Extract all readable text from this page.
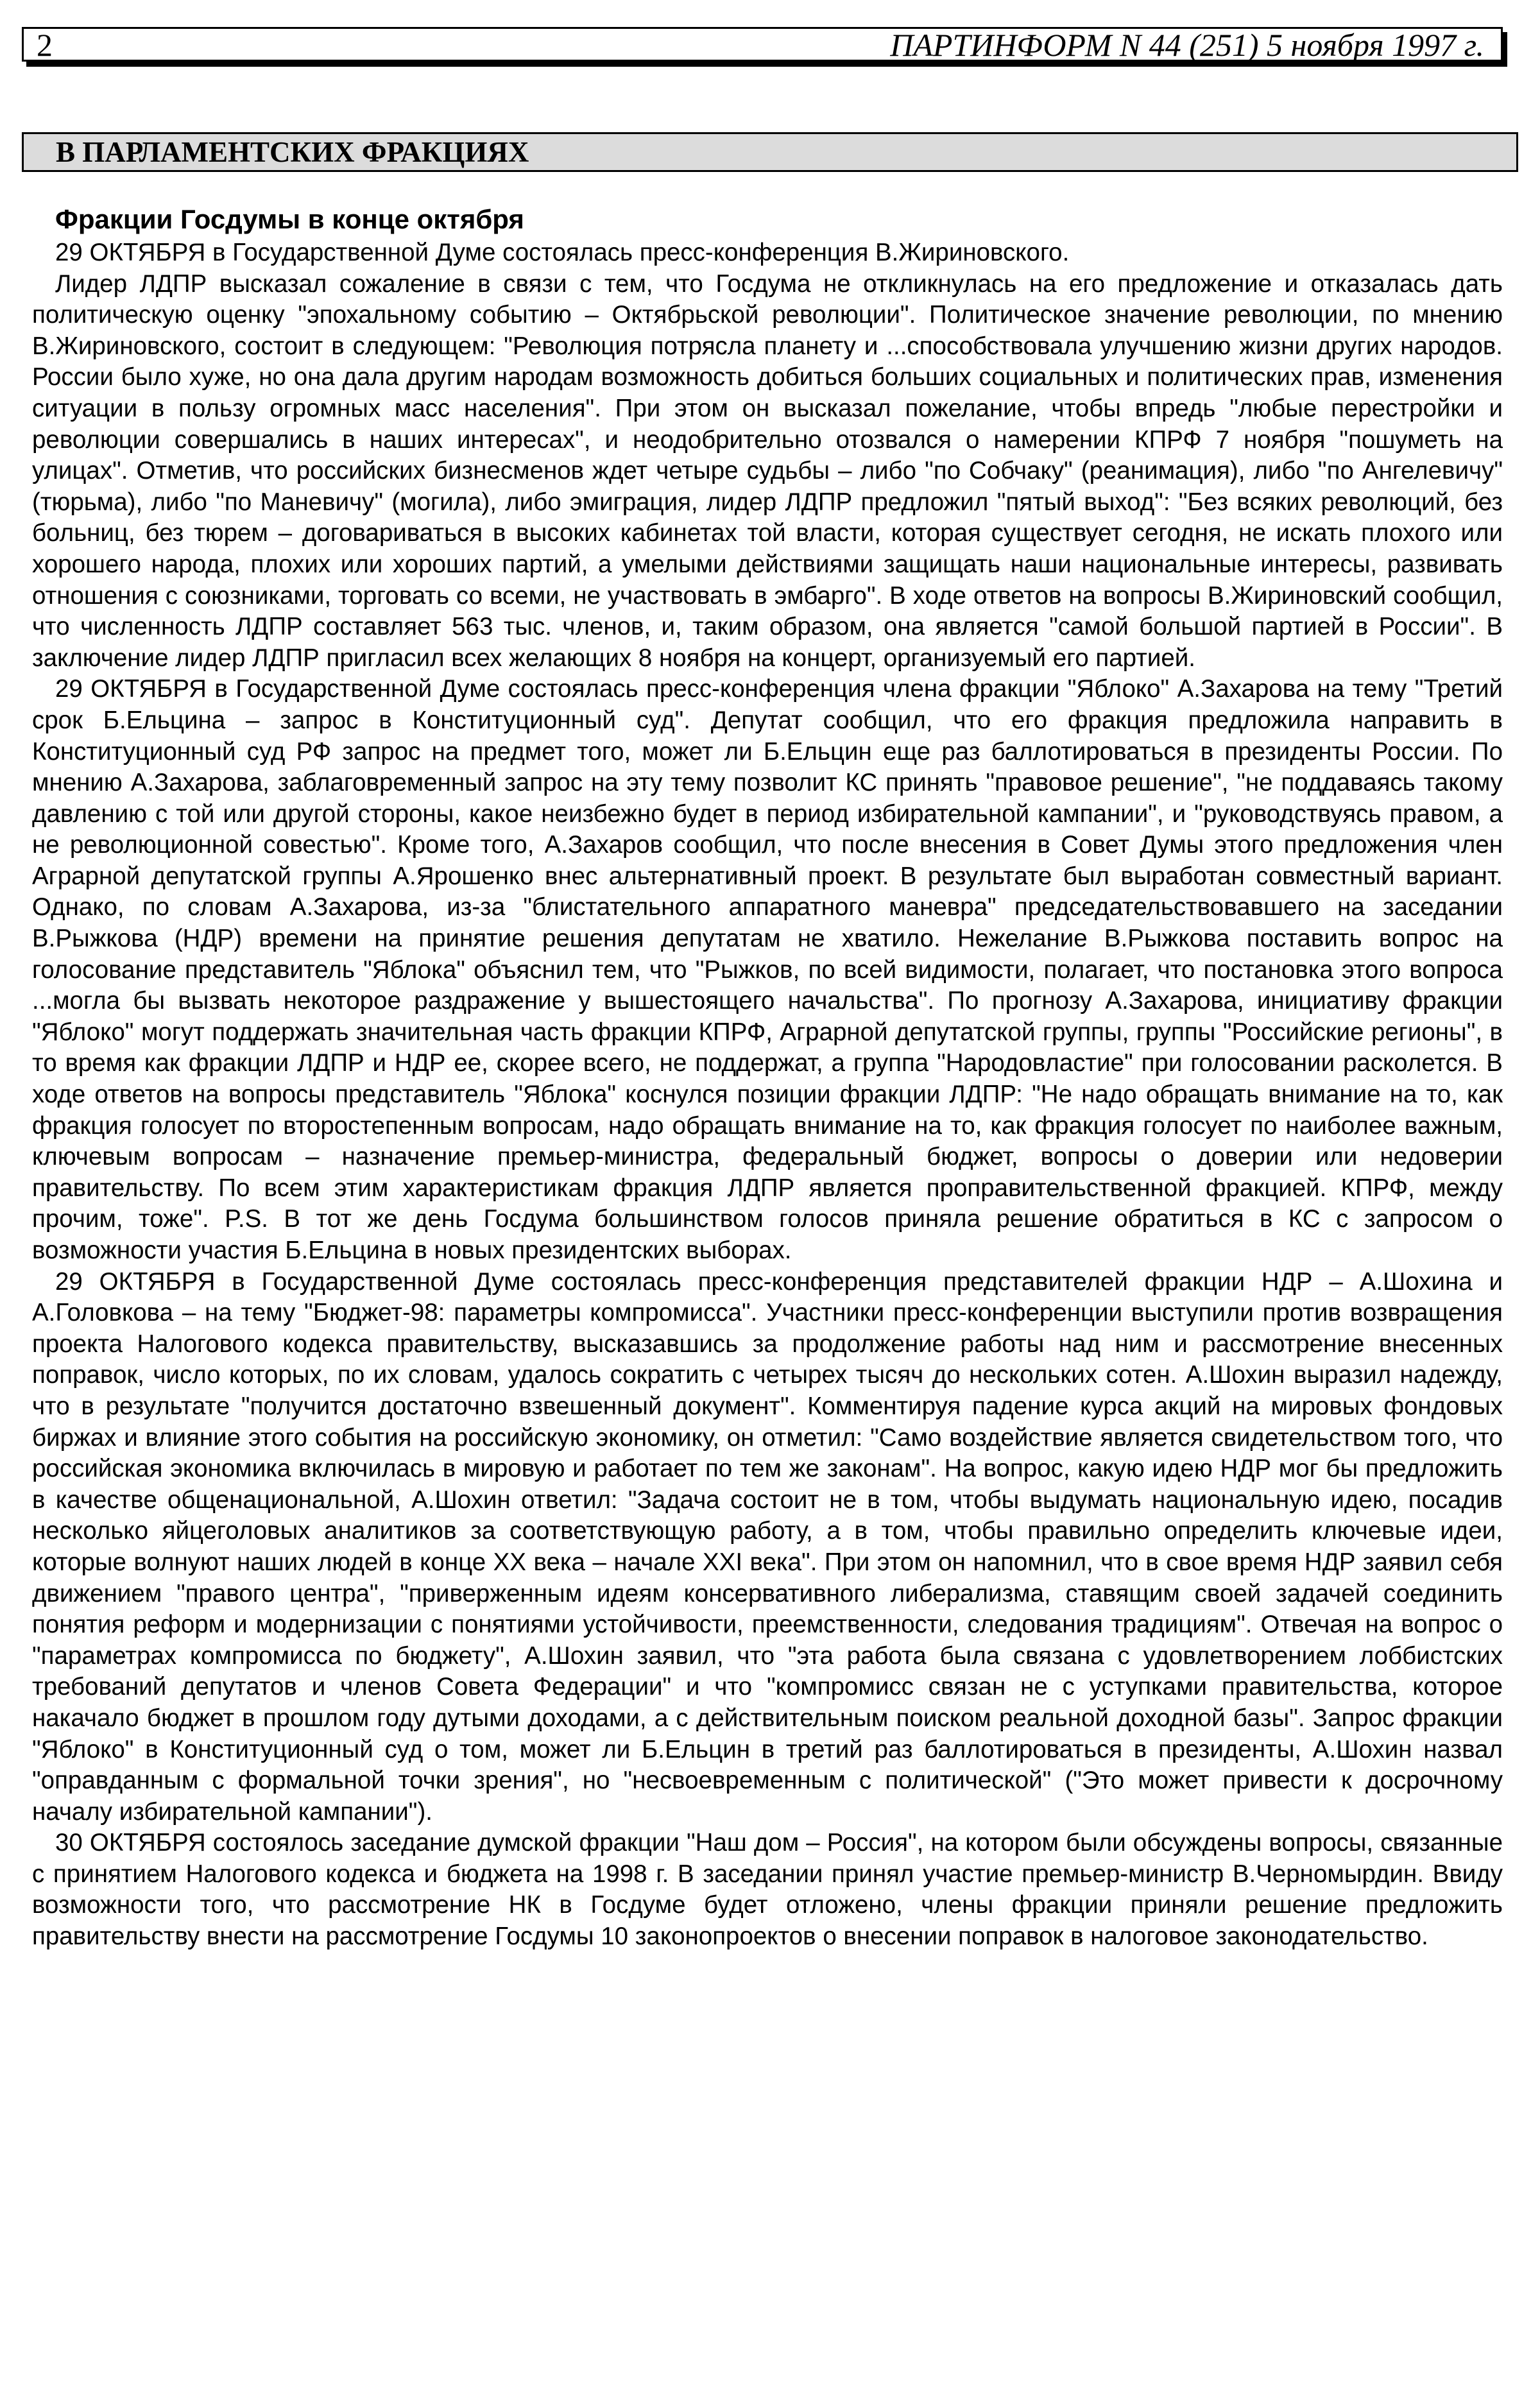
2	ПАРТИНФОРМ N 44 (251) 5 ноября 1997 г.
В ПАРЛАМЕНТСКИХ ФРАКЦИЯХ
Фракции Госдумы в конце октября

29 ОКТЯБРЯ в Государственной Думе состоялась пресс-конференция В.Жириновского.

Лидер ЛДПР высказал сожаление в связи с тем, что Госдума не откликнулась на его предложение и отказалась дать политическую оценку "эпохальному событию – Октябрьской революции". Политическое значение революции, по мнению В.Жириновского, состоит в следующем: "Революция потрясла планету и ...способствовала улучшению жизни других народов. России было хуже, но она дала другим народам возможность добиться больших социальных и политических прав, изменения ситуации в пользу огромных масс населения". При этом он высказал пожелание, чтобы впредь "любые перестройки и революции совершались в наших интересах", и неодобрительно отозвался о намерении КПРФ 7 ноября "пошуметь на улицах". Отметив, что российских бизнесменов ждет четыре судьбы – либо "по Собчаку" (реанимация), либо "по Ангелевичу" (тюрьма), либо "по Маневичу" (могила), либо эмиграция, лидер ЛДПР предложил "пятый выход": "Без всяких революций, без больниц, без тюрем – договариваться в высоких кабинетах той власти, которая существует сегодня, не искать плохого или хорошего народа, плохих или хороших партий, а умелыми действиями защищать наши национальные интересы, развивать отношения с союзниками, торговать со всеми, не участвовать в эмбарго". В ходе ответов на вопросы В.Жириновский сообщил, что численность ЛДПР составляет 563 тыс. членов, и, таким образом, она является "самой большой партией в России". В заключение лидер ЛДПР пригласил всех желающих 8 ноября на концерт, организуемый его партией.

29 ОКТЯБРЯ в Государственной Думе состоялась пресс-конференция члена фракции "Яблоко" А.Захарова на тему "Третий срок Б.Ельцина – запрос в Конституционный суд". Депутат сообщил, что его фракция предложила направить в Конституционный суд РФ запрос на предмет того, может ли Б.Ельцин еще раз баллотироваться в президенты России. По мнению А.Захарова, заблаговременный запрос на эту тему позволит КС принять "правовое решение", "не поддаваясь такому давлению с той или другой стороны, какое неизбежно будет в период избирательной кампании", и "руководствуясь правом, а не революционной совестью". Кроме того, А.Захаров сообщил, что после внесения в Совет Думы этого предложения член Аграрной депутатской группы А.Ярошенко внес альтернативный проект. В результате был выработан совместный вариант. Однако, по словам А.Захарова, из-за "блистательного аппаратного маневра" председательствовавшего на заседании В.Рыжкова (НДР) времени на принятие решения депутатам не хватило. Нежелание В.Рыжкова поставить вопрос на голосование представитель "Яблока" объяснил тем, что "Рыжков, по всей видимости, полагает, что постановка этого вопроса ...могла бы вызвать некоторое раздражение у вышестоящего начальства". По прогнозу А.Захарова, инициативу фракции "Яблоко" могут поддержать значительная часть фракции КПРФ, Аграрной депутатской группы, группы "Российские регионы", в то время как фракции ЛДПР и НДР ее, скорее всего, не поддержат, а группа "Народовластие" при голосовании расколется. В ходе ответов на вопросы представитель "Яблока" коснулся позиции фракции ЛДПР: "Не надо обращать внимание на то, как фракция голосует по второстепенным вопросам, надо обращать внимание на то, как фракция голосует по наиболее важным, ключевым вопросам – назначение премьер-министра, федеральный бюджет, вопросы о доверии или недоверии правительству. По всем этим характеристикам фракция ЛДПР является проправительственной фракцией. КПРФ, между прочим, тоже". P.S. В тот же день Госдума большинством голосов приняла решение обратиться в КС с запросом о возможности участия Б.Ельцина в новых президентских выборах.

29 ОКТЯБРЯ в Государственной Думе состоялась пресс-конференция представителей фракции НДР – А.Шохина и А.Головкова – на тему "Бюджет-98: параметры компромисса". Участники пресс-конференции выступили против возвращения проекта Налогового кодекса правительству, высказавшись за продолжение работы над ним и рассмотрение внесенных поправок, число которых, по их словам, удалось сократить с четырех тысяч до нескольких сотен. А.Шохин выразил надежду, что в результате "получится достаточно взвешенный документ". Комментируя падение курса акций на мировых фондовых биржах и влияние этого события на российскую экономику, он отметил: "Само воздействие является свидетельством того, что российская экономика включилась в мировую и работает по тем же законам". На вопрос, какую идею НДР мог бы предложить в качестве общенациональной, А.Шохин ответил: "Задача состоит не в том, чтобы выдумать национальную идею, посадив несколько яйцеголовых аналитиков за соответствующую работу, а в том, чтобы правильно определить ключевые идеи, которые волнуют наших людей в конце XX века – начале XXI века". При этом он напомнил, что в свое время НДР заявил себя движением "правого центра", "приверженным идеям консервативного либерализма, ставящим своей задачей соединить понятия реформ и модернизации с понятиями устойчивости, преемственности, следования традициям". Отвечая на вопрос о "параметрах компромисса по бюджету", А.Шохин заявил, что "эта работа была связана с удовлетворением лоббистских требований депутатов и членов Совета Федерации" и что "компромисс связан не с уступками правительства, которое накачало бюджет в прошлом году дутыми доходами, а с действительным поиском реальной доходной базы". Запрос фракции "Яблоко" в Конституционный суд о том, может ли Б.Ельцин в третий раз баллотироваться в президенты, А.Шохин назвал "оправданным с формальной точки зрения", но "несвоевременным с политической" ("Это может привести к досрочному началу избирательной кампании").

30 ОКТЯБРЯ состоялось заседание думской фракции "Наш дом – Россия", на котором были обсуждены вопросы, связанные с принятием Налогового кодекса и бюджета на 1998 г. В заседании принял участие премьер-министр В.Черномырдин. Ввиду возможности того, что рассмотрение НК в Госдуме будет отложено, члены фракции приняли решение предложить правительству внести на рассмотрение Госдумы 10 законопроектов о внесении поправок в налоговое законодательство.
